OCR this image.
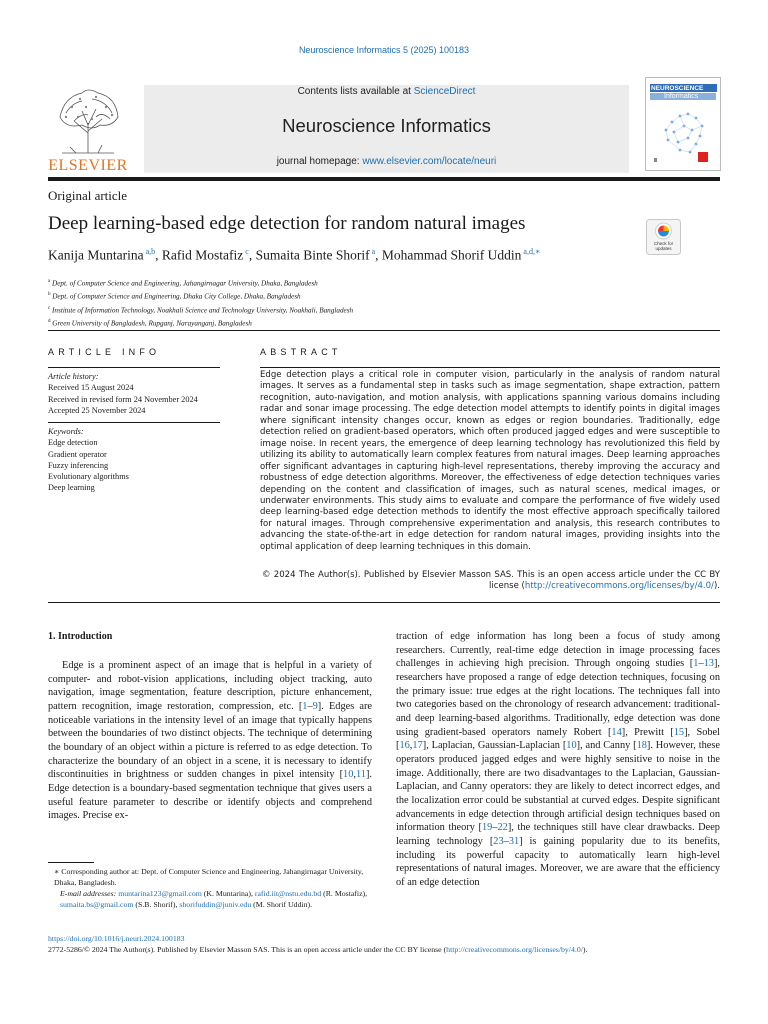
Neuroscience Informatics 5 (2025) 100183
ELSEVIER
Contents lists available at ScienceDirect
Neuroscience Informatics
journal homepage: www.elsevier.com/locate/neuri
NEUROSCIENCE
Informatics
Original article
Deep learning-based edge detection for random natural images
Check for updates
Kanija Muntarina $^{a,b}$, Rafid Mostafiz $^c$, Sumaita Binte Shorif $^a$, Mohammad Shorif Uddin $^{a,d,∗}$
$^a$ Dept. of Computer Science and Engineering, Jahangirnagar University, Dhaka, Bangladesh
$^b$ Dept. of Computer Science and Engineering, Dhaka City College, Dhaka, Bangladesh
$^c$ Institute of Information Technology, Noakhali Science and Technology University, Noakhali, Bangladesh
$^d$ Green University of Bangladesh, Rupganj, Narayanganj, Bangladesh
ARTICLE INFO
Article history:
Received 15 August 2024
Received in revised form 24 November 2024
Accepted 25 November 2024
Keywords:
Edge detection
Gradient operator
Fuzzy inferencing
Evolutionary algorithms
Deep learning
ABSTRACT
Edge detection plays a critical role in computer vision, particularly in the analysis of random natural images. It serves as a fundamental step in tasks such as image segmentation, shape extraction, pattern recognition, auto-navigation, and motion analysis, with applications spanning various domains including radar and sonar image processing. The edge detection model attempts to identify points in digital images where significant intensity changes occur, known as edges or region boundaries. Traditionally, edge detection relied on gradient-based operators, which often produced jagged edges and were susceptible to image noise. In recent years, the emergence of deep learning technology has revolutionized this field by utilizing its ability to automatically learn complex features from natural images. Deep learning approaches offer significant advantages in capturing high-level representations, thereby improving the accuracy and robustness of edge detection algorithms. Moreover, the effectiveness of edge detection techniques varies depending on the content and classification of images, such as natural scenes, medical images, or underwater environments. This study aims to evaluate and compare the performance of five widely used deep learning-based edge detection methods to identify the most effective approach specifically tailored for natural images. Through comprehensive experimentation and analysis, this research contributes to advancing the state-of-the-art in edge detection for random natural images, providing insights into the optimal application of deep learning techniques in this domain.
© 2024 The Author(s). Published by Elsevier Masson SAS. This is an open access article under the CC BY
license (http://creativecommons.org/licenses/by/4.0/).
1. Introduction

Edge is a prominent aspect of an image that is helpful in a variety of computer- and robot-vision applications, including object tracking, auto navigation, image segmentation, feature description, picture enhancement, pattern recognition, image restoration, compression, etc. [1–9]. Edges are noticeable variations in the intensity level of an image that typically happens between the boundaries of two distinct objects. The technique of determining the boundary of an object within a picture is referred to as edge detection. To characterize the boundary of an object in a scene, it is necessary to identify discontinuities in brightness or sudden changes in pixel intensity [10,11]. Edge detection is a boundary-based segmentation technique that gives users a useful feature parameter to describe or identify objects and comprehend images. Precise ex-

traction of edge information has long been a focus of study among researchers. Currently, real-time edge detection in image processing faces challenges in achieving high precision. Through ongoing studies [1–13], researchers have proposed a range of edge detection techniques, focusing on the primary issue: true edges at the right locations. The techniques fall into two categories based on the chronology of research advancement: traditional- and deep learning-based algorithms. Traditionally, edge detection was done using gradient-based operators namely Robert [14], Prewitt [15], Sobel [16,17], Laplacian, Gaussian-Laplacian [10], and Canny [18]. However, these operators produced jagged edges and were highly sensitive to noise in the image. Additionally, there are two disadvantages to the Laplacian, Gaussian-Laplacian, and Canny operators: they are likely to detect incorrect edges, and the localization error could be substantial at curved edges. Despite significant advancements in edge detection through artificial design techniques based on information theory [19–22], the techniques still have clear drawbacks. Deep learning technology [23–31] is gaining popularity due to its benefits, including its powerful capacity to automatically learn high-level representations of natural images. Moreover, we are aware that the efficiency of an edge detection

∗ Corresponding author at: Dept. of Computer Science and Engineering, Jahangirnagar University, Dhaka, Bangladesh.
E-mail addresses: muntarina123@gmail.com (K. Muntarina), rafid.iit@nstu.edu.bd (R. Mostafiz), sumaita.bs@gmail.com (S.B. Shorif), shorifuddin@juniv.edu (M. Shorif Uddin).
https://doi.org/10.1016/j.neuri.2024.100183
2772-5286/© 2024 The Author(s). Published by Elsevier Masson SAS. This is an open access article under the CC BY license (http://creativecommons.org/licenses/by/4.0/).
